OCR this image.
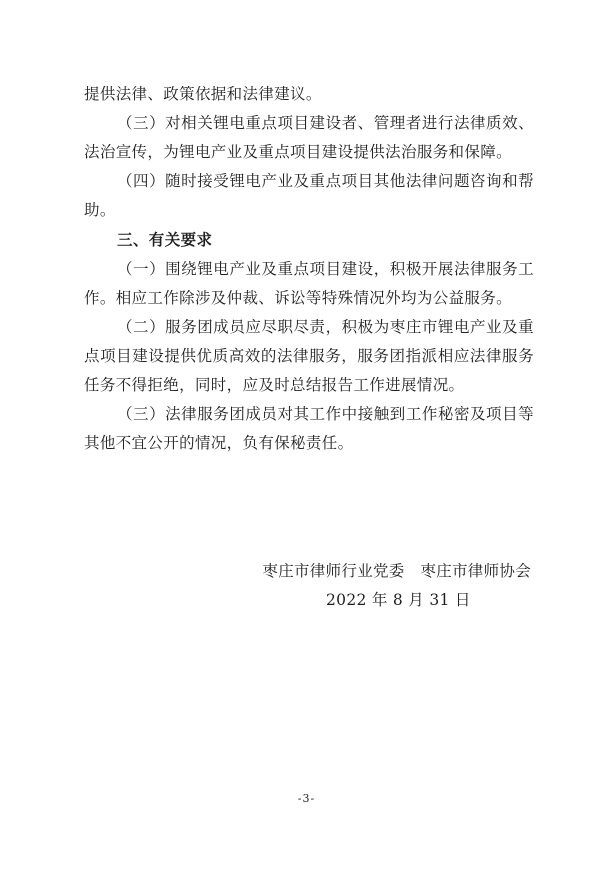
提供法律、政策依据和法律建议。

（三）对相关锂电重点项目建设者、管理者进行法律质效、法治宣传，为锂电产业及重点项目建设提供法治服务和保障。

（四）随时接受锂电产业及重点项目其他法律问题咨询和帮助。

三、有关要求

（一）围绕锂电产业及重点项目建设，积极开展法律服务工作。相应工作除涉及仲裁、诉讼等特殊情况外均为公益服务。

（二）服务团成员应尽职尽责，积极为枣庄市锂电产业及重点项目建设提供优质高效的法律服务，服务团指派相应法律服务任务不得拒绝，同时，应及时总结报告工作进展情况。

（三）法律服务团成员对其工作中接触到工作秘密及项目等其他不宜公开的情况，负有保秘责任。

枣庄市律师行业党委　枣庄市律师协会
2022 年 8 月 31 日
-3-
